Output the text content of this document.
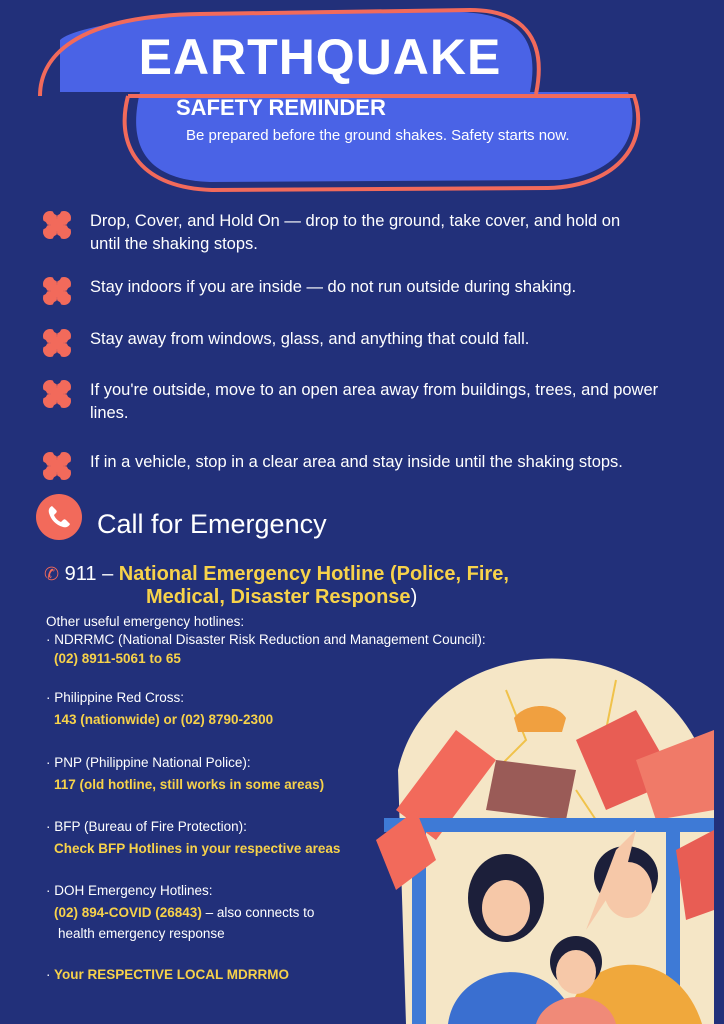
EARTHQUAKE
SAFETY REMINDER
Be prepared before the ground shakes. Safety starts now.
Drop, Cover, and Hold On — drop to the ground, take cover, and hold on until the shaking stops.
Stay indoors if you are inside — do not run outside during shaking.
Stay away from windows, glass, and anything that could fall.
If you're outside, move to an open area away from buildings, trees, and power lines.
If in a vehicle, stop in a clear area and stay inside until the shaking stops.
Call for Emergency
✆ 911 – National Emergency Hotline (Police, Fire,
Medical, Disaster Response)
Other useful emergency hotlines:
· NDRRMC (National Disaster Risk Reduction and Management Council):
(02) 8911-5061 to 65
· Philippine Red Cross:
143 (nationwide) or (02) 8790-2300
· PNP (Philippine National Police):
117 (old hotline, still works in some areas)
· BFP (Bureau of Fire Protection):
Check BFP Hotlines in your respective areas
· DOH Emergency Hotlines:
(02) 894-COVID (26843) – also connects to
health emergency response
· Your RESPECTIVE LOCAL MDRRMO
